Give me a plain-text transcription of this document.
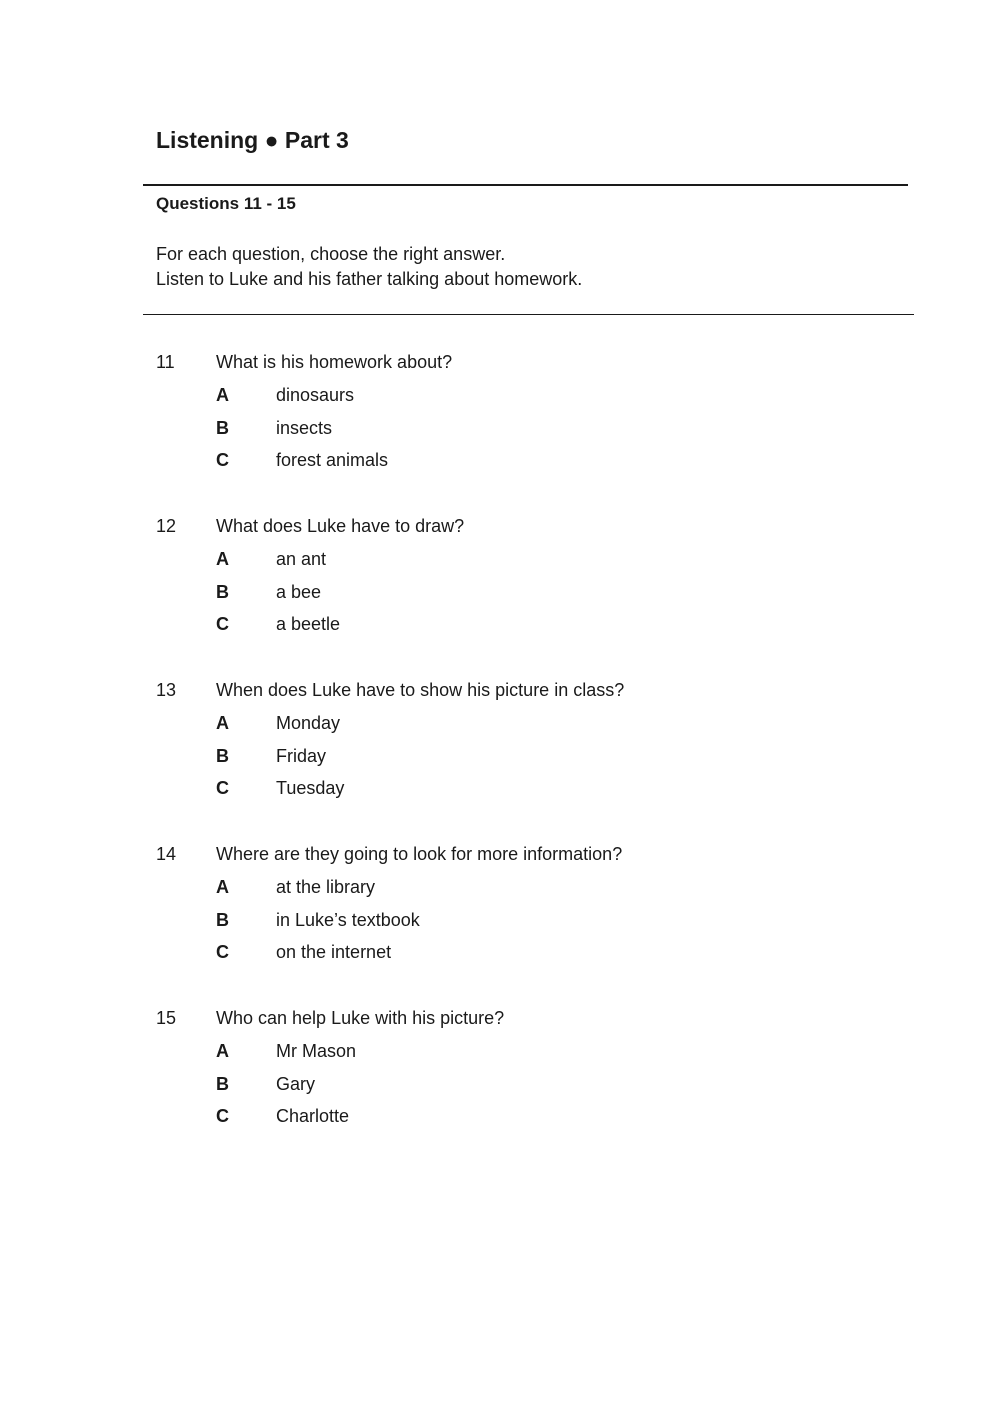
Listening ● Part 3
Questions 11 - 15
For each question, choose the right answer.
Listen to Luke and his father talking about homework.
11 What is his homework about?
A	dinosaurs
B	insects
C	forest animals
12 What does Luke have to draw?
A	an ant
B	a bee
C	a beetle
13 When does Luke have to show his picture in class?
A	Monday
B	Friday
C	Tuesday
14 Where are they going to look for more information?
A	at the library
B	in Luke’s textbook
C	on the internet
15 Who can help Luke with his picture?
A	Mr Mason
B	Gary
C	Charlotte
